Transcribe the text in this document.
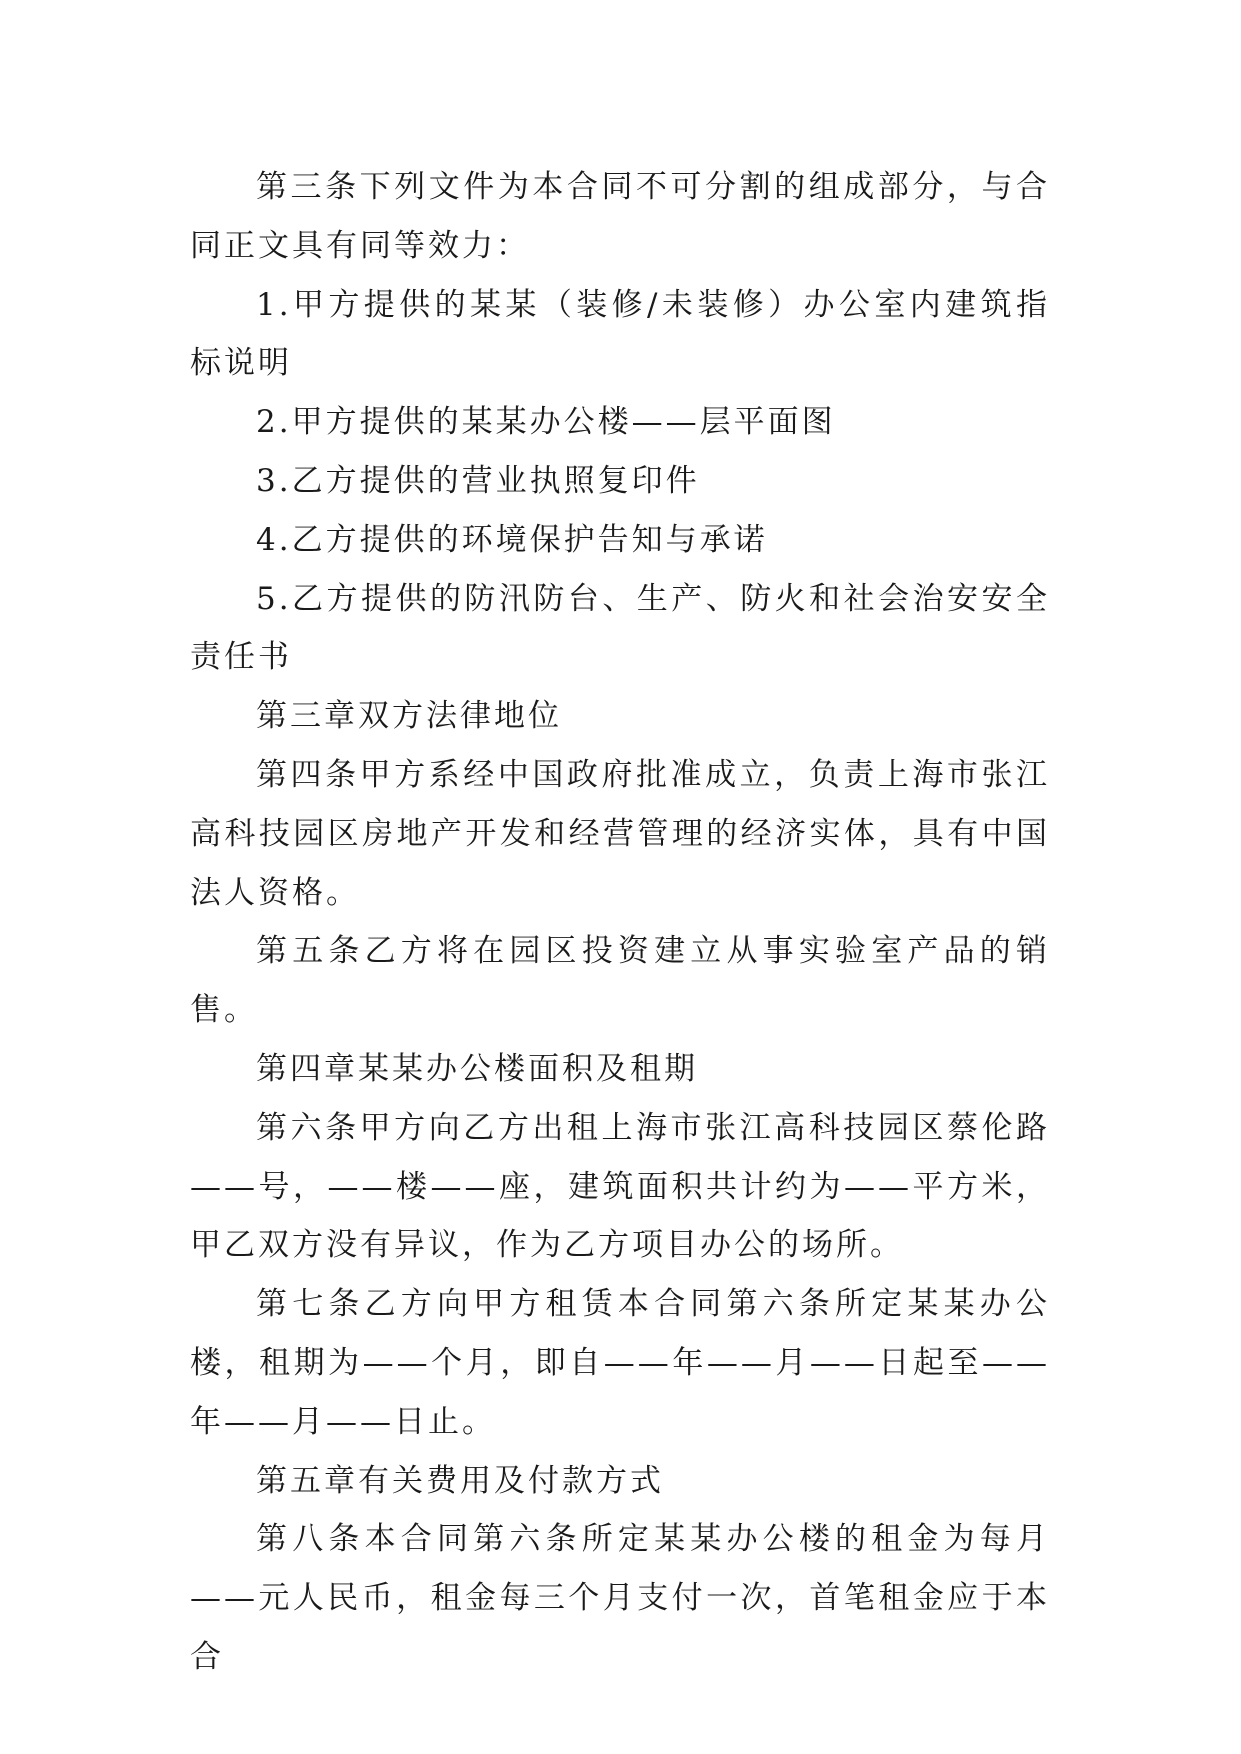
第三条下列文件为本合同不可分割的组成部分，与合同正文具有同等效力：

1.甲方提供的某某（装修/未装修）办公室内建筑指标说明

2.甲方提供的某某办公楼——层平面图

3.乙方提供的营业执照复印件

4.乙方提供的环境保护告知与承诺

5.乙方提供的防汛防台、生产、防火和社会治安安全责任书

第三章双方法律地位

第四条甲方系经中国政府批准成立，负责上海市张江高科技园区房地产开发和经营管理的经济实体，具有中国法人资格。

第五条乙方将在园区投资建立从事实验室产品的销售。

第四章某某办公楼面积及租期

第六条甲方向乙方出租上海市张江高科技园区蔡伦路——号，——楼——座，建筑面积共计约为——平方米，甲乙双方没有异议，作为乙方项目办公的场所。

第七条乙方向甲方租赁本合同第六条所定某某办公楼，租期为——个月，即自——年——月——日起至——年——月——日止。

第五章有关费用及付款方式

第八条本合同第六条所定某某办公楼的租金为每月——元人民币，租金每三个月支付一次，首笔租金应于本合
